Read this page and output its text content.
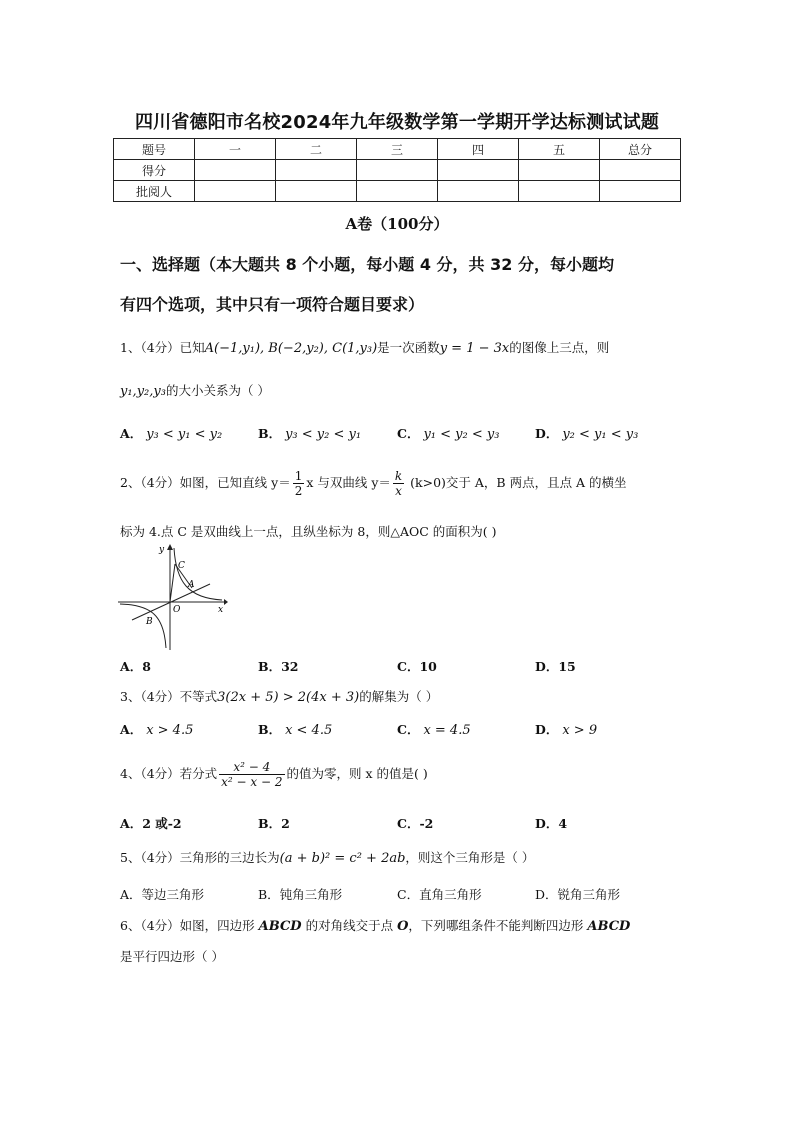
四川省德阳市名校2024年九年级数学第一学期开学达标测试试题
题号	一	二	三	四	五	总分
得分						
批阅人						
A卷（100分）
一、选择题（本大题共 8 个小题，每小题 4 分，共 32 分，每小题均
有四个选项，其中只有一项符合题目要求）
1、（4分）已知A(−1,y₁), B(−2,y₂), C(1,y₃)是一次函数y = 1 − 3x的图像上三点，则
y₁,y₂,y₃的大小关系为（ ）
A． y₃ < y₁ < y₂	B． y₃ < y₂ < y₁	C． y₁ < y₂ < y₃	D． y₂ < y₁ < y₃
2、（4分）如图，已知直线 $y= \frac{1}{2}$ x 与双曲线 $y= \frac{k}{x} (k>0)$交于 A，B 两点，且点 A 的横坐
标为 4.点 C 是双曲线上一点，且纵坐标为 8，则△AOC 的面积为( )
y
x
C
A
O
B
A．8	B．32	C．10	D．15
3、（4分）不等式3(2x + 5) > 2(4x + 3)的解集为（ ）
A． x > 4.5	B． x < 4.5	C． x = 4.5	D． x > 9
4、（4分）若分式 $\frac{\text{x² − 4}}{\text{x² − x − 2}}$ 的值为零，则 x 的值是( )
A．2 或-2	B．2	C．-2	D．4
5、（4分）三角形的三边长为(a + b)² = c² + 2ab，则这个三角形是（ ）
A．等边三角形	B．钝角三角形	C．直角三角形	D．锐角三角形
6、（4分）如图，四边形 ABCD 的对角线交于点 O，下列哪组条件不能判断四边形 ABCD
是平行四边形（ ）
